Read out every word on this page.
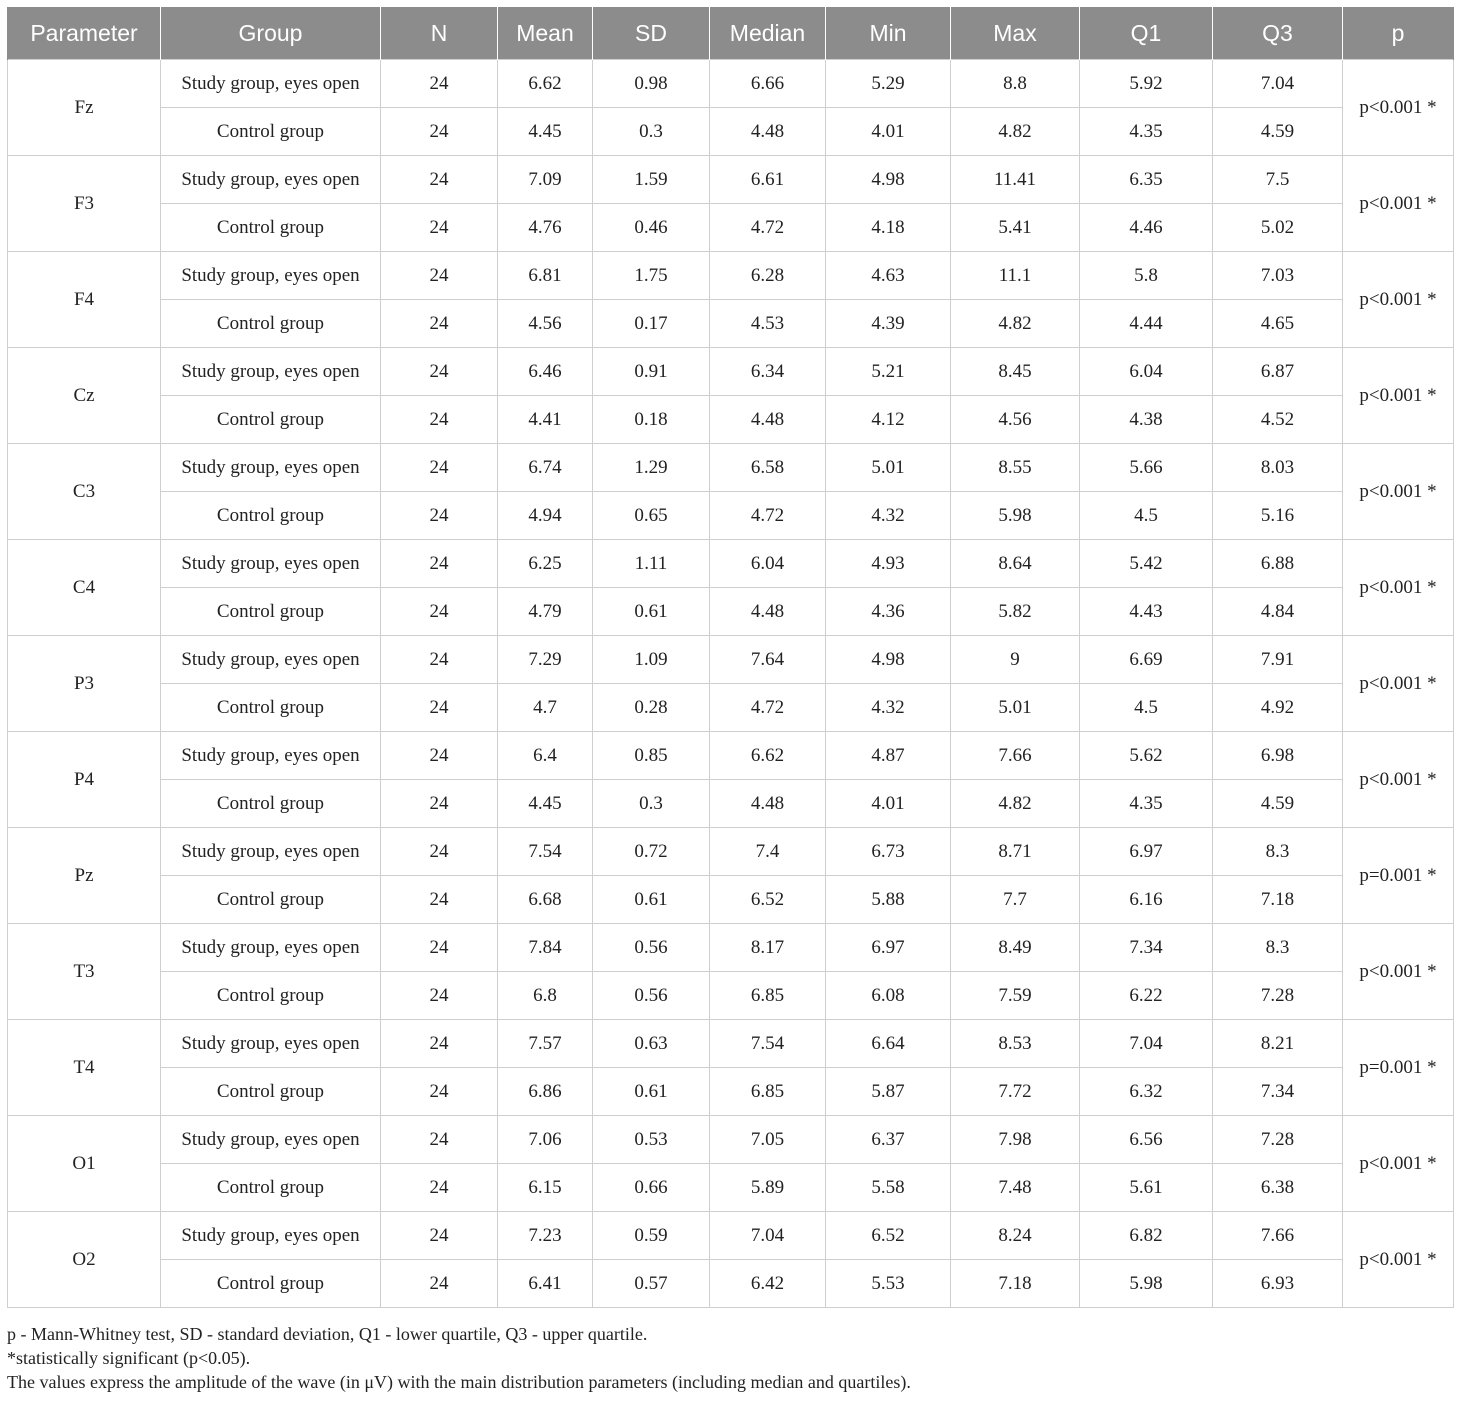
Parameter	Group	N	Mean	SD	Median	Min	Max	Q1	Q3	p
Fz	Study group, eyes open	24	6.62	0.98	6.66	5.29	8.8	5.92	7.04	p<0.001 *
	Control group	24	4.45	0.3	4.48	4.01	4.82	4.35	4.59	
F3	Study group, eyes open	24	7.09	1.59	6.61	4.98	11.41	6.35	7.5	p<0.001 *
	Control group	24	4.76	0.46	4.72	4.18	5.41	4.46	5.02	
F4	Study group, eyes open	24	6.81	1.75	6.28	4.63	11.1	5.8	7.03	p<0.001 *
	Control group	24	4.56	0.17	4.53	4.39	4.82	4.44	4.65	
Cz	Study group, eyes open	24	6.46	0.91	6.34	5.21	8.45	6.04	6.87	p<0.001 *
	Control group	24	4.41	0.18	4.48	4.12	4.56	4.38	4.52	
C3	Study group, eyes open	24	6.74	1.29	6.58	5.01	8.55	5.66	8.03	p<0.001 *
	Control group	24	4.94	0.65	4.72	4.32	5.98	4.5	5.16	
C4	Study group, eyes open	24	6.25	1.11	6.04	4.93	8.64	5.42	6.88	p<0.001 *
	Control group	24	4.79	0.61	4.48	4.36	5.82	4.43	4.84	
P3	Study group, eyes open	24	7.29	1.09	7.64	4.98	9	6.69	7.91	p<0.001 *
	Control group	24	4.7	0.28	4.72	4.32	5.01	4.5	4.92	
P4	Study group, eyes open	24	6.4	0.85	6.62	4.87	7.66	5.62	6.98	p<0.001 *
	Control group	24	4.45	0.3	4.48	4.01	4.82	4.35	4.59	
Pz	Study group, eyes open	24	7.54	0.72	7.4	6.73	8.71	6.97	8.3	p=0.001 *
	Control group	24	6.68	0.61	6.52	5.88	7.7	6.16	7.18	
T3	Study group, eyes open	24	7.84	0.56	8.17	6.97	8.49	7.34	8.3	p<0.001 *
	Control group	24	6.8	0.56	6.85	6.08	7.59	6.22	7.28	
T4	Study group, eyes open	24	7.57	0.63	7.54	6.64	8.53	7.04	8.21	p=0.001 *
	Control group	24	6.86	0.61	6.85	5.87	7.72	6.32	7.34	
O1	Study group, eyes open	24	7.06	0.53	7.05	6.37	7.98	6.56	7.28	p<0.001 *
	Control group	24	6.15	0.66	5.89	5.58	7.48	5.61	6.38	
O2	Study group, eyes open	24	7.23	0.59	7.04	6.52	8.24	6.82	7.66	p<0.001 *
	Control group	24	6.41	0.57	6.42	5.53	7.18	5.98	6.93	
p - Mann-Whitney test, SD - standard deviation, Q1 - lower quartile, Q3 - upper quartile.
*statistically significant (p<0.05).
The values express the amplitude of the wave (in μV) with the main distribution parameters (including median and quartiles).
